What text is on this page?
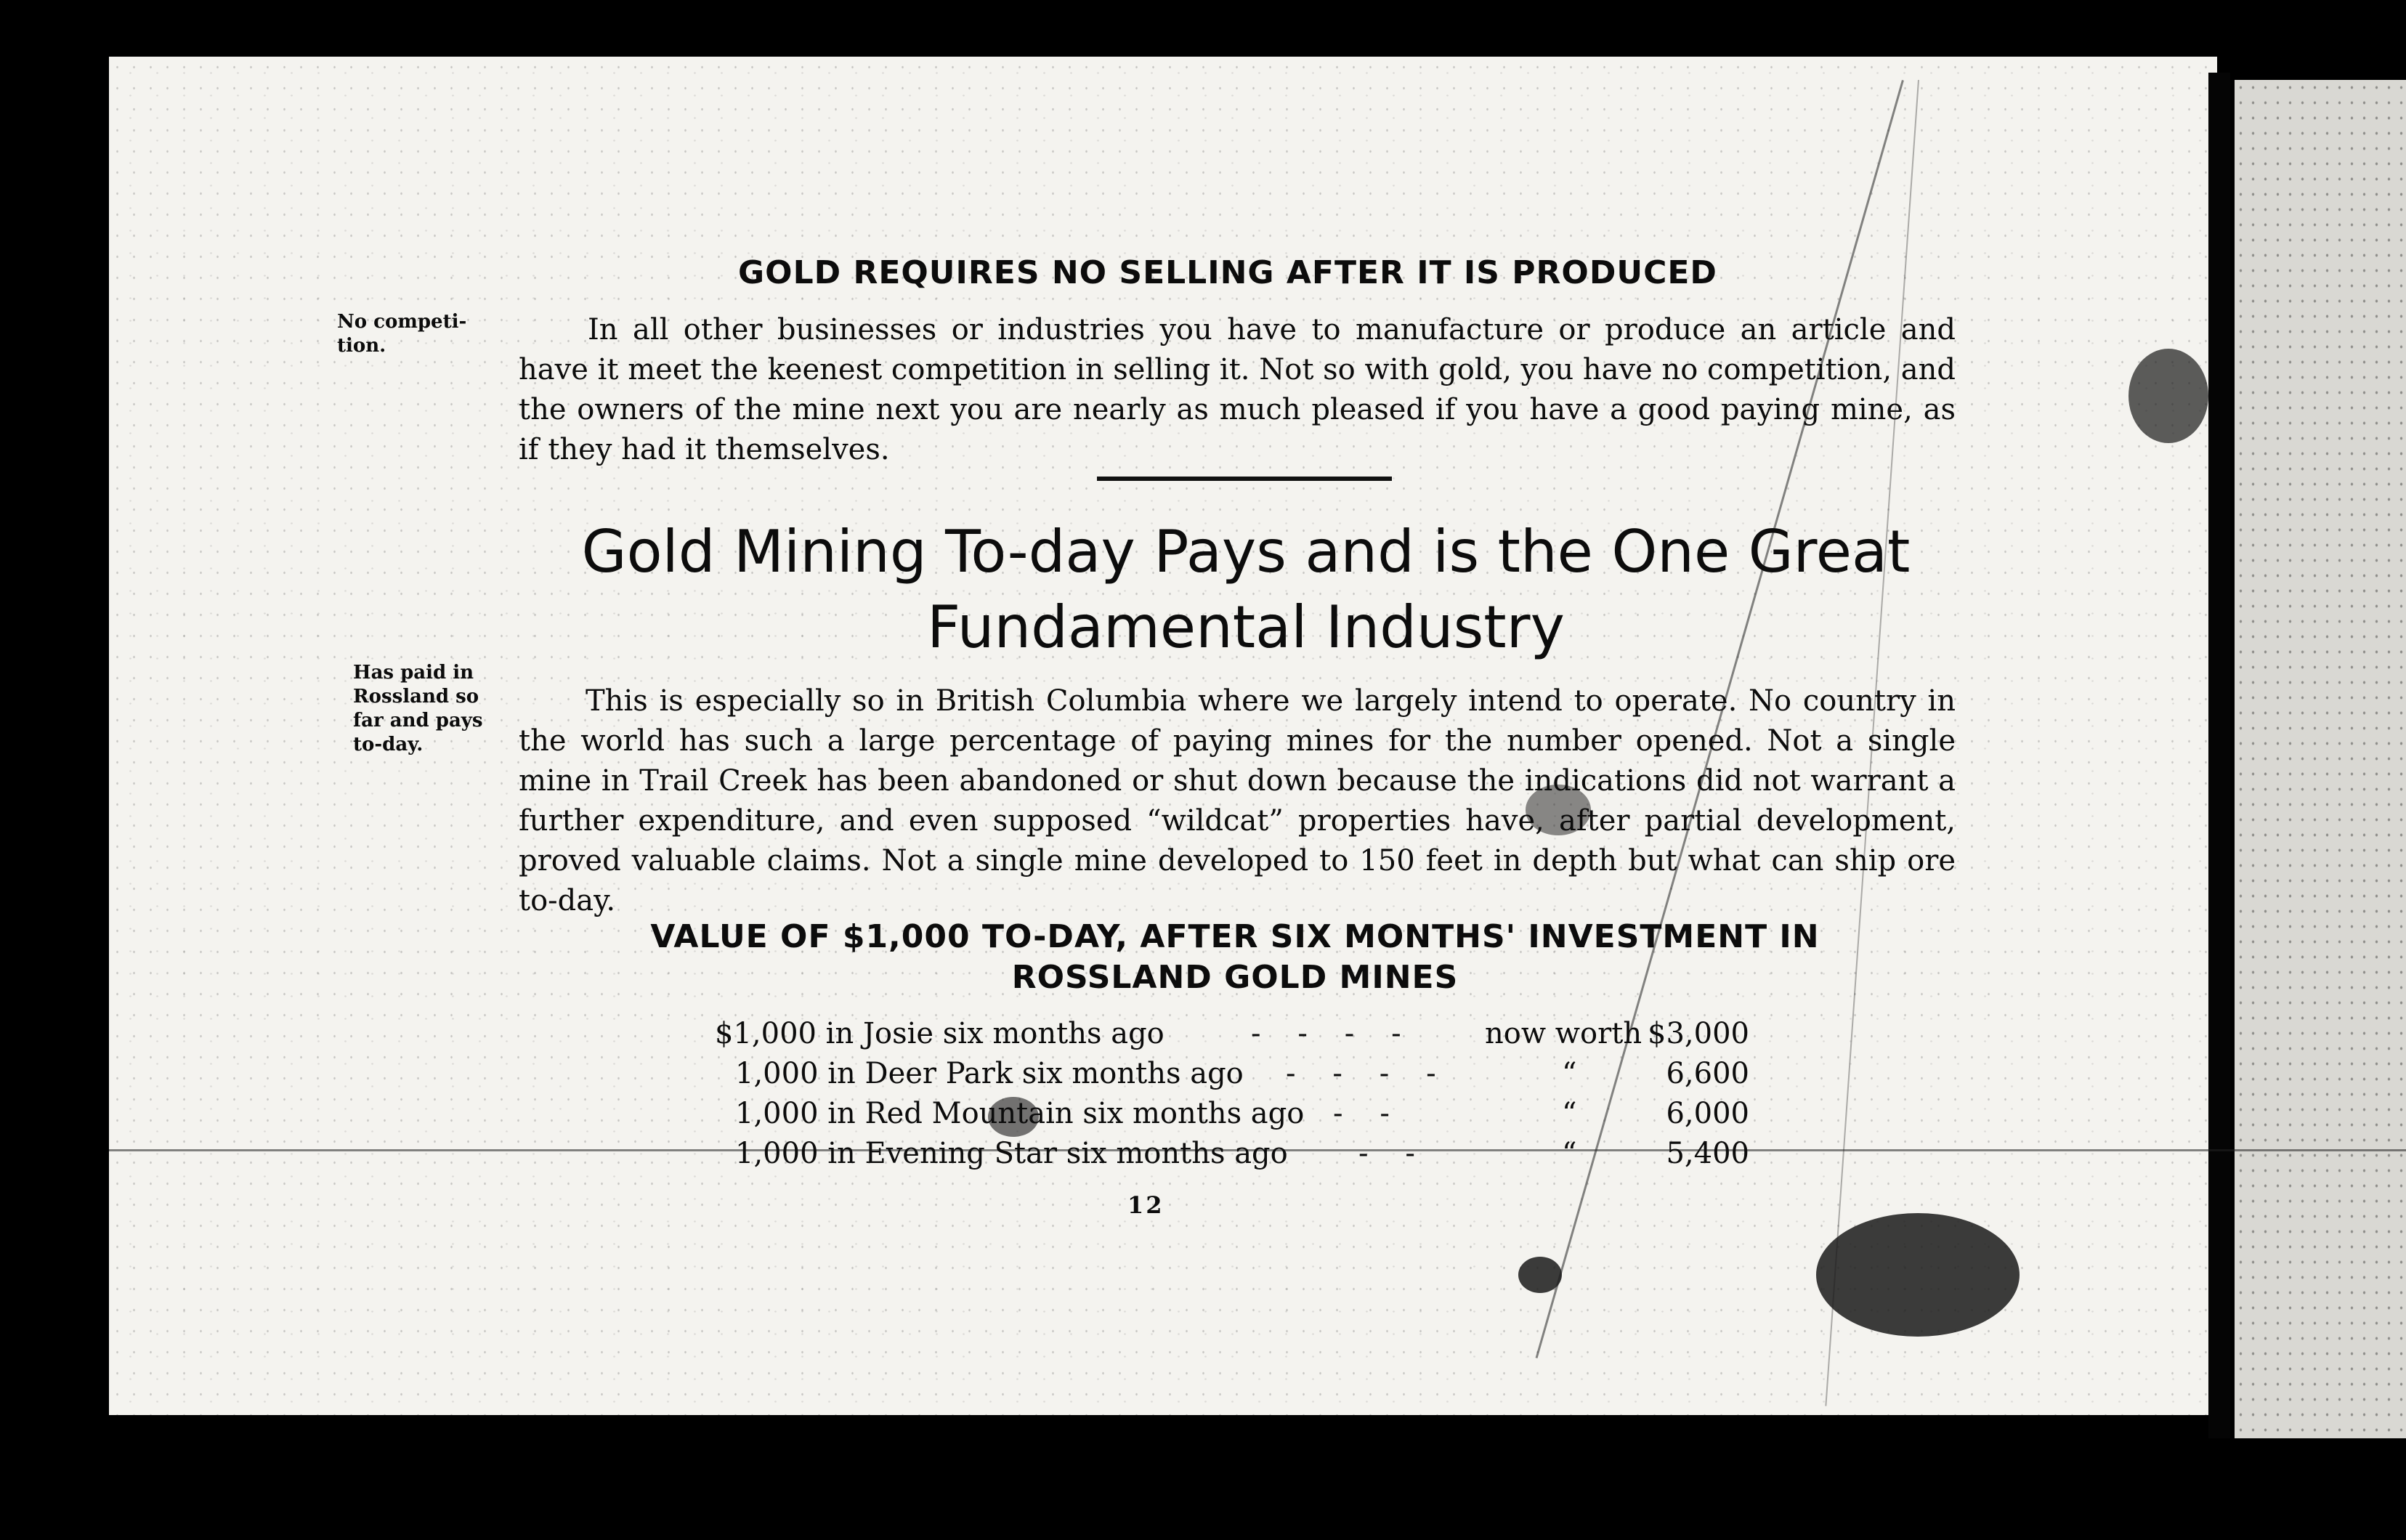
GOLD REQUIRES NO SELLING AFTER IT IS PRODUCED
No competi-
tion.	In all other businesses or industries you have to manufacture or produce an article and have it meet the keenest competition in selling it. Not so with gold, you have no competition, and the owners of the mine next you are nearly as much pleased if you have a good paying mine, as if they had it themselves.
Gold Mining To-day Pays and is the One Great Fundamental Industry
Has paid in Rossland so far and pays to-day.
This is especially so in British Columbia where we largely intend to operate. No country in the world has such a large percentage of paying mines for the number opened. Not a single mine in Trail Creek has been abandoned or shut down because the indications did not warrant a further expenditure, and even supposed “wildcat” properties have, after partial development, proved valuable claims. Not a single mine developed to 150 feet in depth but what can ship ore to-day.
VALUE OF $1,000 TO-DAY, AFTER SIX MONTHS' INVESTMENT IN ROSSLAND GOLD MINES
$1,000 in Josie six months ago	-    -    -    -	now worth $3,000
1,000 in Deer Park six months ago -    -    -    -	“	6,600
1,000 in Red Mountain six months ago -    -	“	6,000
1,000 in Evening Star six months ago -    -	“	5,400
12
